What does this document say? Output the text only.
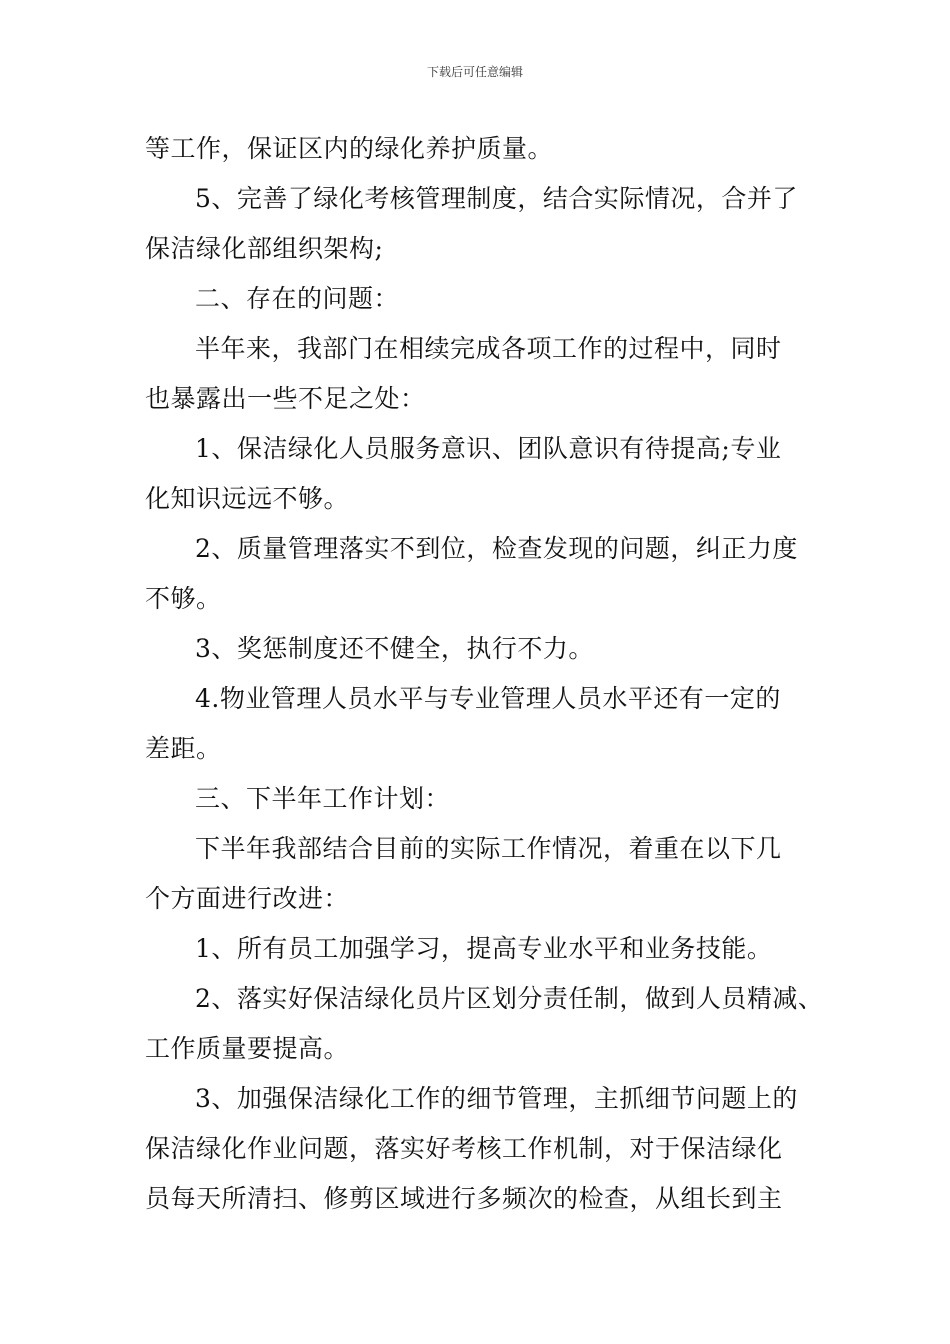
下载后可任意编辑
等工作，保证区内的绿化养护质量。
5、完善了绿化考核管理制度，结合实际情况，合并了
保洁绿化部组织架构;
二、存在的问题：
半年来，我部门在相续完成各项工作的过程中，同时
也暴露出一些不足之处：
1、保洁绿化人员服务意识、团队意识有待提高;专业
化知识远远不够。
2、质量管理落实不到位，检查发现的问题，纠正力度
不够。
3、奖惩制度还不健全，执行不力。
4.物业管理人员水平与专业管理人员水平还有一定的
差距。
三、下半年工作计划：
下半年我部结合目前的实际工作情况，着重在以下几
个方面进行改进：
1、所有员工加强学习，提高专业水平和业务技能。
2、落实好保洁绿化员片区划分责任制，做到人员精减、
工作质量要提高。
3、加强保洁绿化工作的细节管理，主抓细节问题上的
保洁绿化作业问题，落实好考核工作机制，对于保洁绿化
员每天所清扫、修剪区域进行多频次的检查，从组长到主
